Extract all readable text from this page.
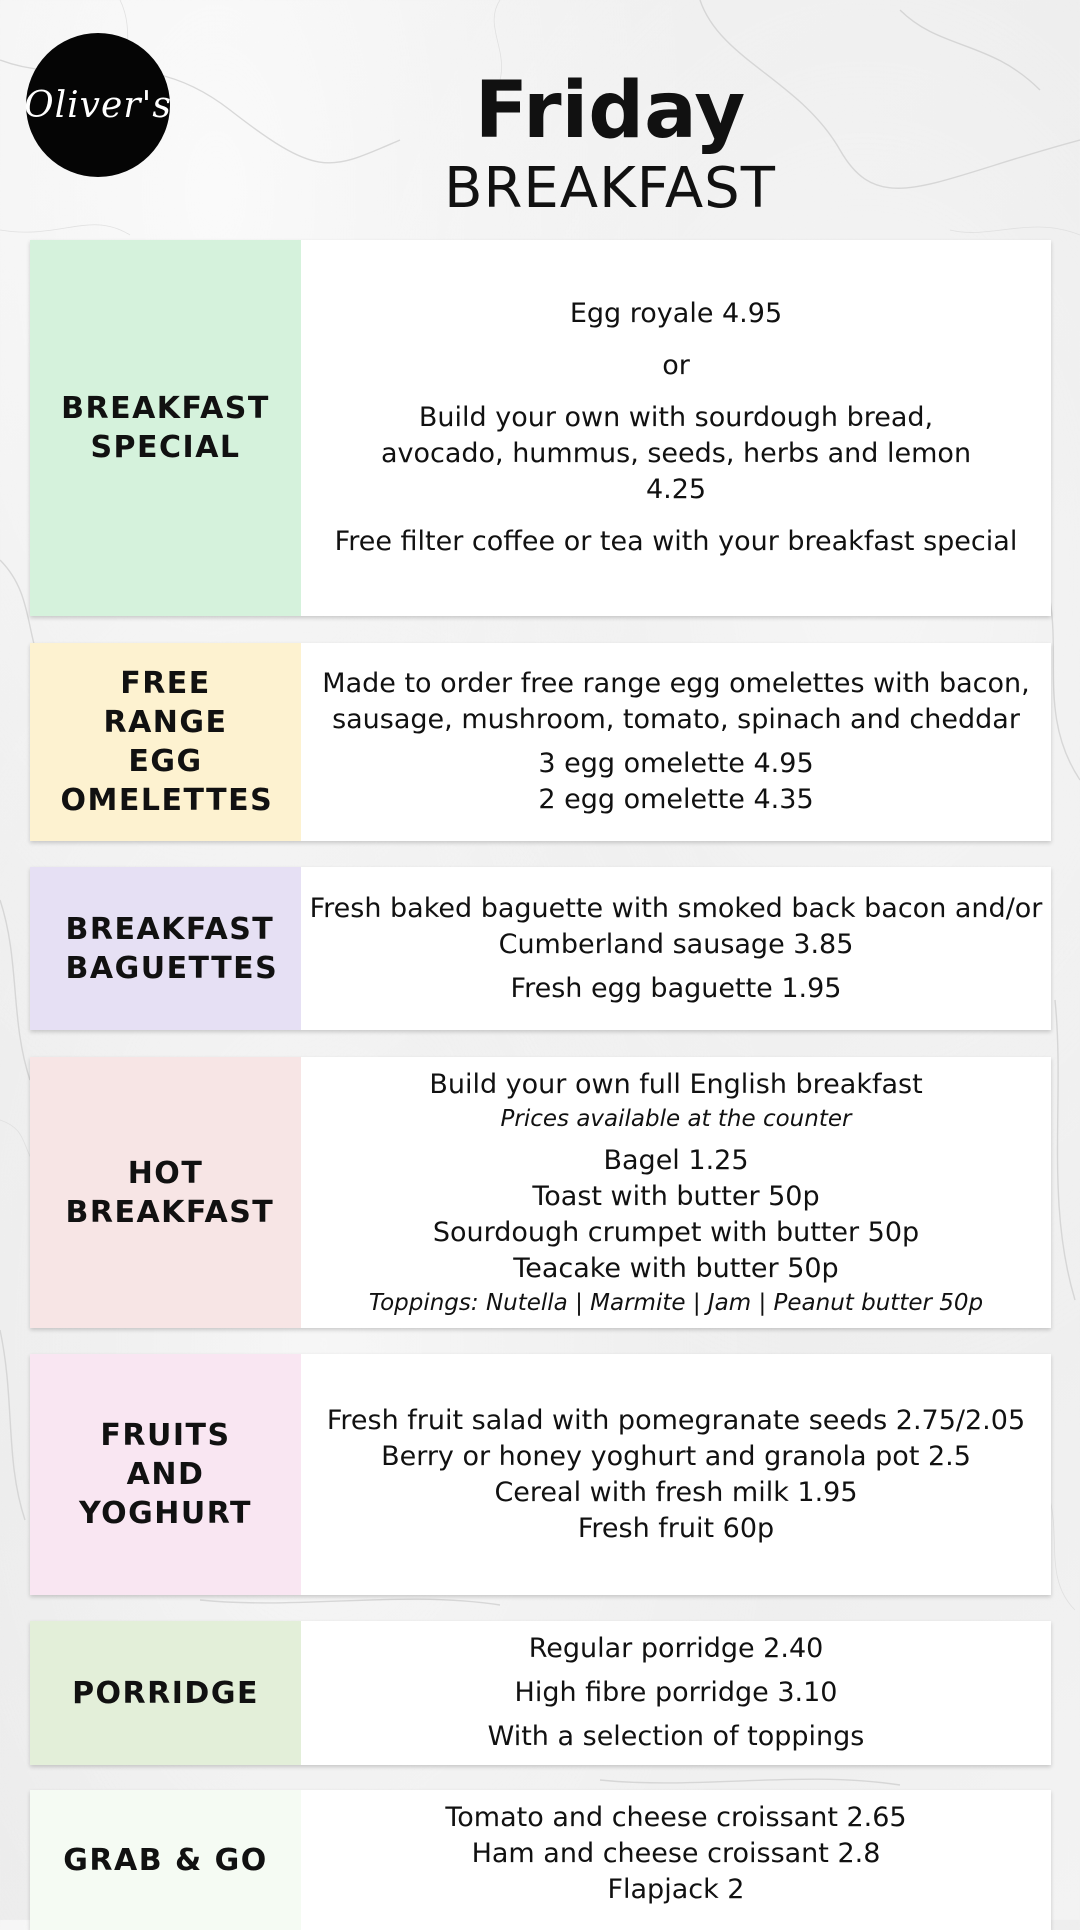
Oliver's	Friday
BREAKFAST
BREAKFAST SPECIAL
Egg royale 4.95
or
Build your own with sourdough bread, avocado, hummus, seeds, herbs and lemon 4.25
Free filter coffee or tea with your breakfast special
FREE RANGE EGG OMELETTES
Made to order free range egg omelettes with bacon, sausage, mushroom, tomato, spinach and cheddar
3 egg omelette 4.95
2 egg omelette 4.35
BREAKFAST BAGUETTES
Fresh baked baguette with smoked back bacon and/or Cumberland sausage 3.85
Fresh egg baguette 1.95
HOT BREAKFAST
Build your own full English breakfast
Prices available at the counter
Bagel 1.25
Toast with butter 50p
Sourdough crumpet with butter 50p
Teacake with butter 50p
Toppings: Nutella | Marmite | Jam | Peanut butter 50p
FRUITS AND YOGHURT
Fresh fruit salad with pomegranate seeds 2.75/2.05
Berry or honey yoghurt and granola pot 2.5
Cereal with fresh milk 1.95
Fresh fruit 60p
PORRIDGE
Regular porridge 2.40
High fibre porridge 3.10
With a selection of toppings
GRAB & GO
Tomato and cheese croissant 2.65
Ham and cheese croissant 2.8
Flapjack 2
